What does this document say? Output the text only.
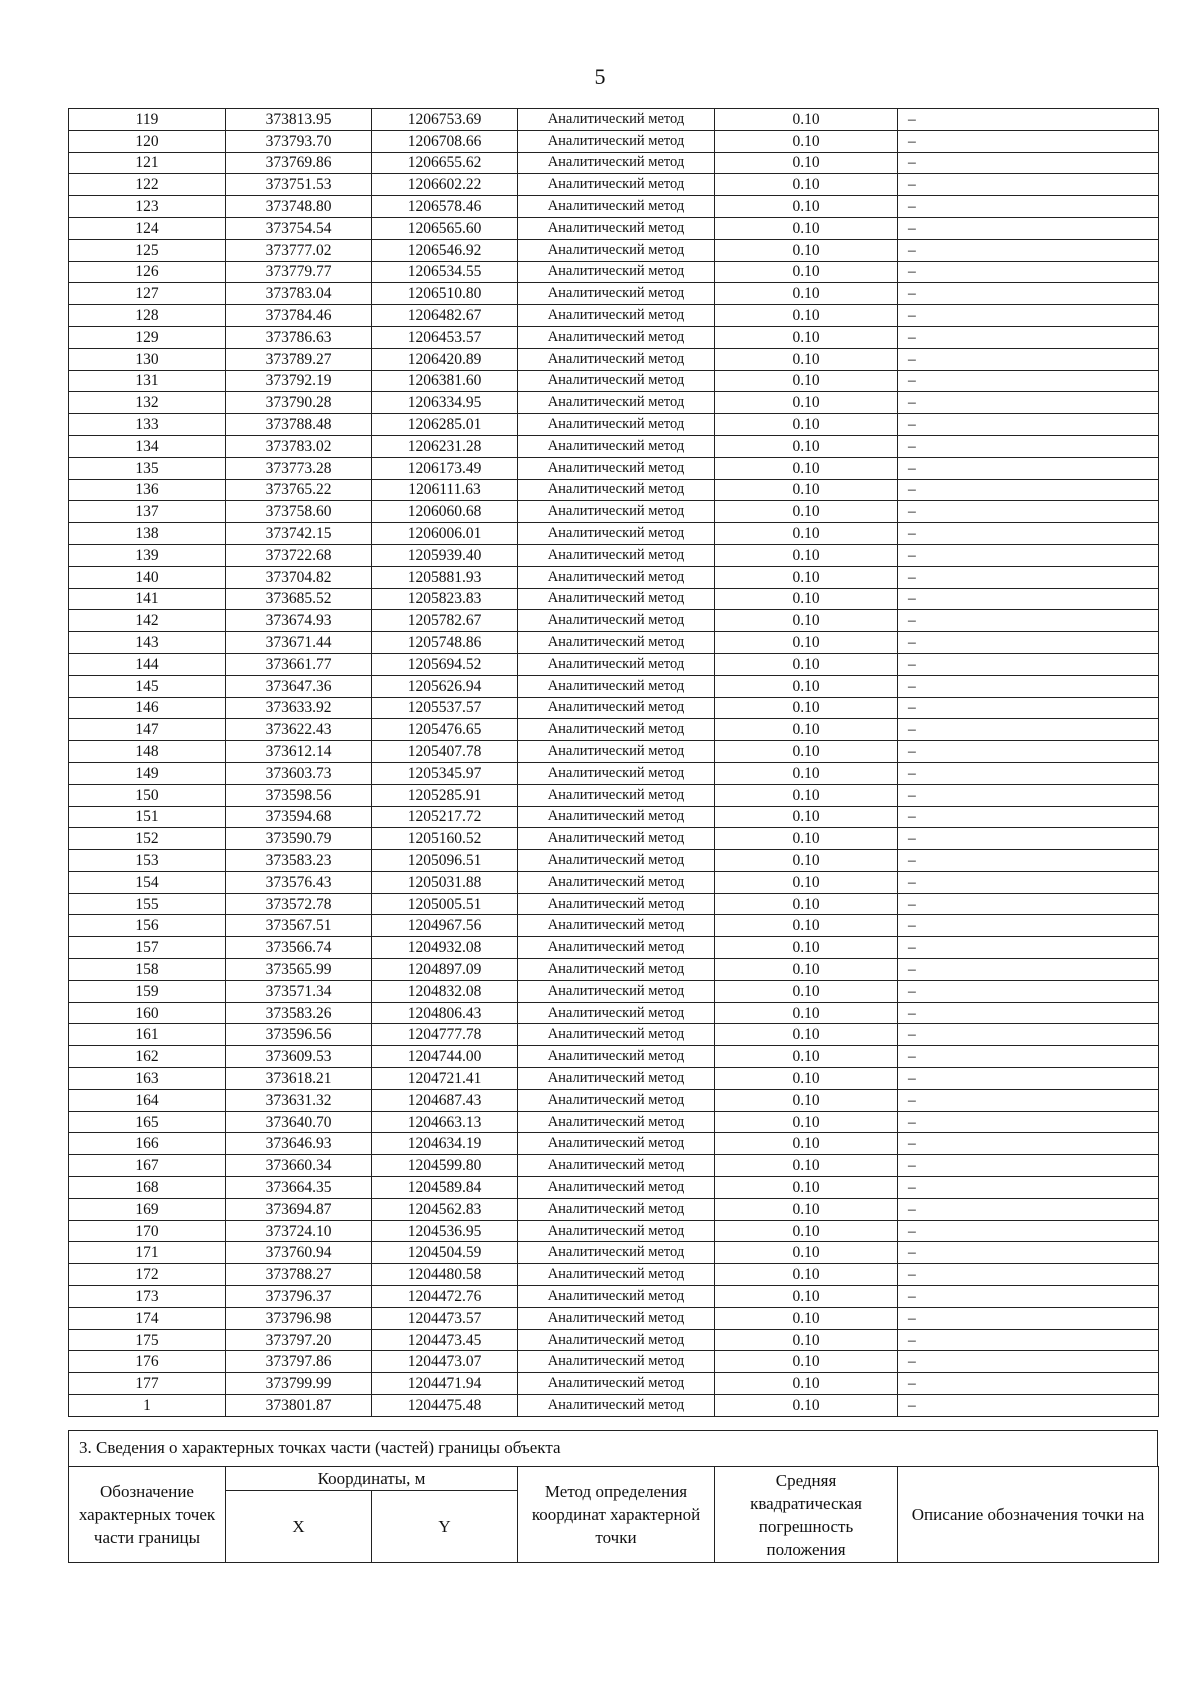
5
119	373813.95	1206753.69	Аналитический метод	0.10	–
120	373793.70	1206708.66	Аналитический метод	0.10	–
121	373769.86	1206655.62	Аналитический метод	0.10	–
122	373751.53	1206602.22	Аналитический метод	0.10	–
123	373748.80	1206578.46	Аналитический метод	0.10	–
124	373754.54	1206565.60	Аналитический метод	0.10	–
125	373777.02	1206546.92	Аналитический метод	0.10	–
126	373779.77	1206534.55	Аналитический метод	0.10	–
127	373783.04	1206510.80	Аналитический метод	0.10	–
128	373784.46	1206482.67	Аналитический метод	0.10	–
129	373786.63	1206453.57	Аналитический метод	0.10	–
130	373789.27	1206420.89	Аналитический метод	0.10	–
131	373792.19	1206381.60	Аналитический метод	0.10	–
132	373790.28	1206334.95	Аналитический метод	0.10	–
133	373788.48	1206285.01	Аналитический метод	0.10	–
134	373783.02	1206231.28	Аналитический метод	0.10	–
135	373773.28	1206173.49	Аналитический метод	0.10	–
136	373765.22	1206111.63	Аналитический метод	0.10	–
137	373758.60	1206060.68	Аналитический метод	0.10	–
138	373742.15	1206006.01	Аналитический метод	0.10	–
139	373722.68	1205939.40	Аналитический метод	0.10	–
140	373704.82	1205881.93	Аналитический метод	0.10	–
141	373685.52	1205823.83	Аналитический метод	0.10	–
142	373674.93	1205782.67	Аналитический метод	0.10	–
143	373671.44	1205748.86	Аналитический метод	0.10	–
144	373661.77	1205694.52	Аналитический метод	0.10	–
145	373647.36	1205626.94	Аналитический метод	0.10	–
146	373633.92	1205537.57	Аналитический метод	0.10	–
147	373622.43	1205476.65	Аналитический метод	0.10	–
148	373612.14	1205407.78	Аналитический метод	0.10	–
149	373603.73	1205345.97	Аналитический метод	0.10	–
150	373598.56	1205285.91	Аналитический метод	0.10	–
151	373594.68	1205217.72	Аналитический метод	0.10	–
152	373590.79	1205160.52	Аналитический метод	0.10	–
153	373583.23	1205096.51	Аналитический метод	0.10	–
154	373576.43	1205031.88	Аналитический метод	0.10	–
155	373572.78	1205005.51	Аналитический метод	0.10	–
156	373567.51	1204967.56	Аналитический метод	0.10	–
157	373566.74	1204932.08	Аналитический метод	0.10	–
158	373565.99	1204897.09	Аналитический метод	0.10	–
159	373571.34	1204832.08	Аналитический метод	0.10	–
160	373583.26	1204806.43	Аналитический метод	0.10	–
161	373596.56	1204777.78	Аналитический метод	0.10	–
162	373609.53	1204744.00	Аналитический метод	0.10	–
163	373618.21	1204721.41	Аналитический метод	0.10	–
164	373631.32	1204687.43	Аналитический метод	0.10	–
165	373640.70	1204663.13	Аналитический метод	0.10	–
166	373646.93	1204634.19	Аналитический метод	0.10	–
167	373660.34	1204599.80	Аналитический метод	0.10	–
168	373664.35	1204589.84	Аналитический метод	0.10	–
169	373694.87	1204562.83	Аналитический метод	0.10	–
170	373724.10	1204536.95	Аналитический метод	0.10	–
171	373760.94	1204504.59	Аналитический метод	0.10	–
172	373788.27	1204480.58	Аналитический метод	0.10	–
173	373796.37	1204472.76	Аналитический метод	0.10	–
174	373796.98	1204473.57	Аналитический метод	0.10	–
175	373797.20	1204473.45	Аналитический метод	0.10	–
176	373797.86	1204473.07	Аналитический метод	0.10	–
177	373799.99	1204471.94	Аналитический метод	0.10	–
1	373801.87	1204475.48	Аналитический метод	0.10	–
3. Сведения о характерных точках части (частей) границы объекта
Обозначение характерных точек части границы	Координаты, м		Метод определения координат характерной точки	Средняя квадратическая погрешность положения	Описание обозначения точки на
	X	Y			
